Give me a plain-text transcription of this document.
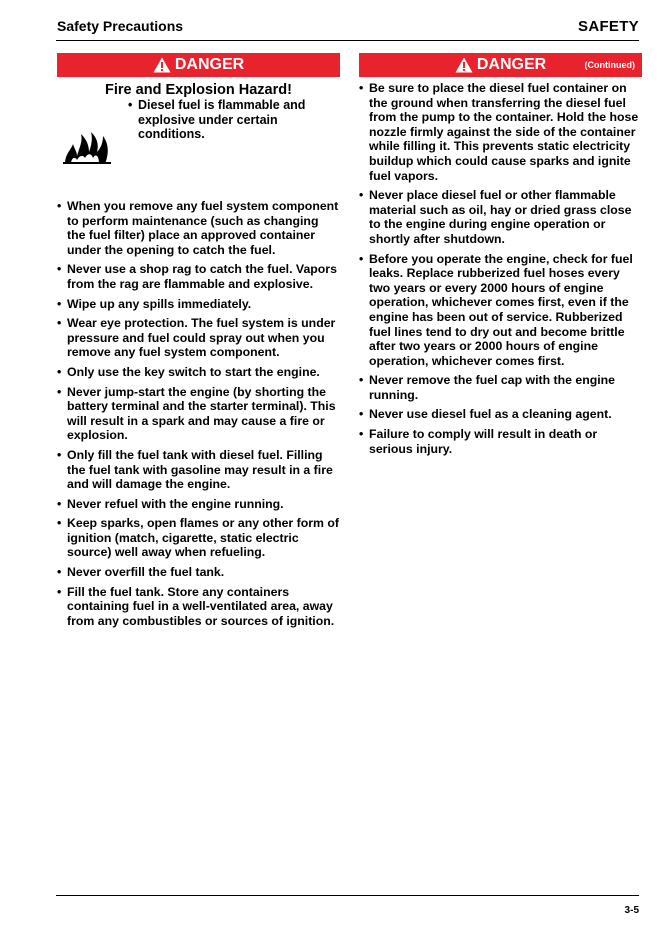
Safety Precautions	SAFETY
DANGER
Fire and Explosion Hazard!
• Diesel fuel is flammable and explosive under certain conditions.
• When you remove any fuel system component to perform maintenance (such as changing the fuel filter) place an approved container under the opening to catch the fuel.
• Never use a shop rag to catch the fuel. Vapors from the rag are flammable and explosive.
• Wipe up any spills immediately.
• Wear eye protection. The fuel system is under pressure and fuel could spray out when you remove any fuel system component.
• Only use the key switch to start the engine.
• Never jump-start the engine (by shorting the battery terminal and the starter terminal). This will result in a spark and may cause a fire or explosion.
• Only fill the fuel tank with diesel fuel. Filling the fuel tank with gasoline may result in a fire and will damage the engine.
• Never refuel with the engine running.
• Keep sparks, open flames or any other form of ignition (match, cigarette, static electric source) well away when refueling.
• Never overfill the fuel tank.
• Fill the fuel tank. Store any containers containing fuel in a well-ventilated area, away from any combustibles or sources of ignition.
DANGER	(Continued)
• Be sure to place the diesel fuel container on the ground when transferring the diesel fuel from the pump to the container. Hold the hose nozzle firmly against the side of the container while filling it. This prevents static electricity buildup which could cause sparks and ignite fuel vapors.
• Never place diesel fuel or other flammable material such as oil, hay or dried grass close to the engine during engine operation or shortly after shutdown.
• Before you operate the engine, check for fuel leaks. Replace rubberized fuel hoses every two years or every 2000 hours of engine operation, whichever comes first, even if the engine has been out of service. Rubberized fuel lines tend to dry out and become brittle after two years or 2000 hours of engine operation, whichever comes first.
• Never remove the fuel cap with the engine running.
• Never use diesel fuel as a cleaning agent.
• Failure to comply will result in death or serious injury.
3-5
